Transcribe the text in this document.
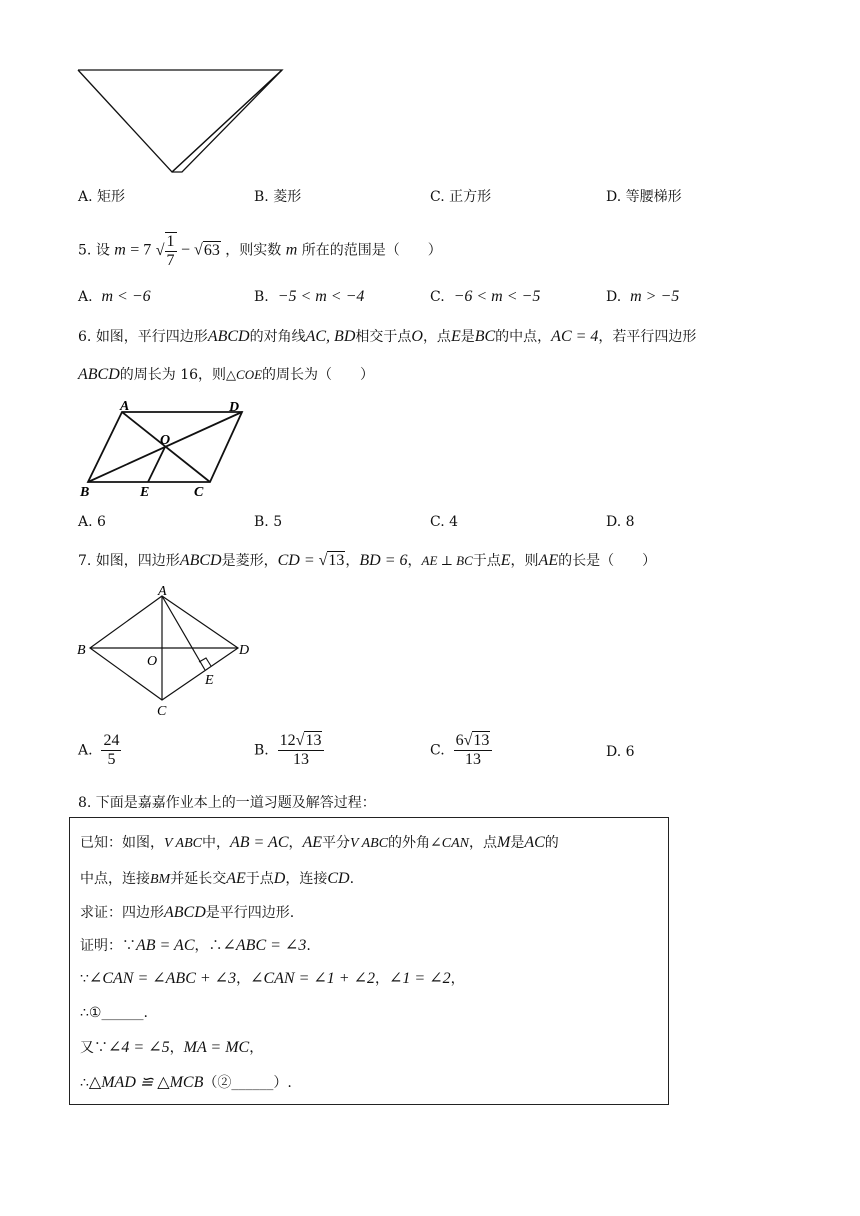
A. 矩形	B. 菱形	C. 正方形	D. 等腰梯形
5. 设 m = 7 √ $\frac{1}{7} - √63$ ，则实数 m 所在的范围是（　　）
A. m < −6	B. −5 < m < −4	C. −6 < m < −5	D. m > −5
6. 如图，平行四边形ABCD的对角线AC, BD相交于点O，点E是BC的中点，AC = 4，若平行四边形
ABCD的周长为 16，则△COE的周长为（　　）
A	D
O
B	E	C
A. 6	B. 5	C. 4	D. 8
7. 如图，四边形ABCD是菱形，CD = √13，BD = 6，AE ⊥ BC于点E，则AE的长是（　　）
A
B
O
D
E
C
A. $\frac{24}{5}$	B. $\frac{12√13}{13}$	C. $\frac{6√13}{13}$	D. 6
8. 下面是嘉嘉作业本上的一道习题及解答过程：
已知：如图，V ABC中，AB = AC，AE平分V ABC的外角∠CAN，点M是AC的
中点，连接BM并延长交AE于点D，连接CD.
求证：四边形ABCD是平行四边形.
证明：∵AB = AC，∴∠ABC = ∠3.
∵∠CAN = ∠ABC + ∠3，∠CAN = ∠1 + ∠2，∠1 = ∠2，
∴①______.
又∵∠4 = ∠5，MA = MC，
∴△MAD ≌ △MCB（②______）.
